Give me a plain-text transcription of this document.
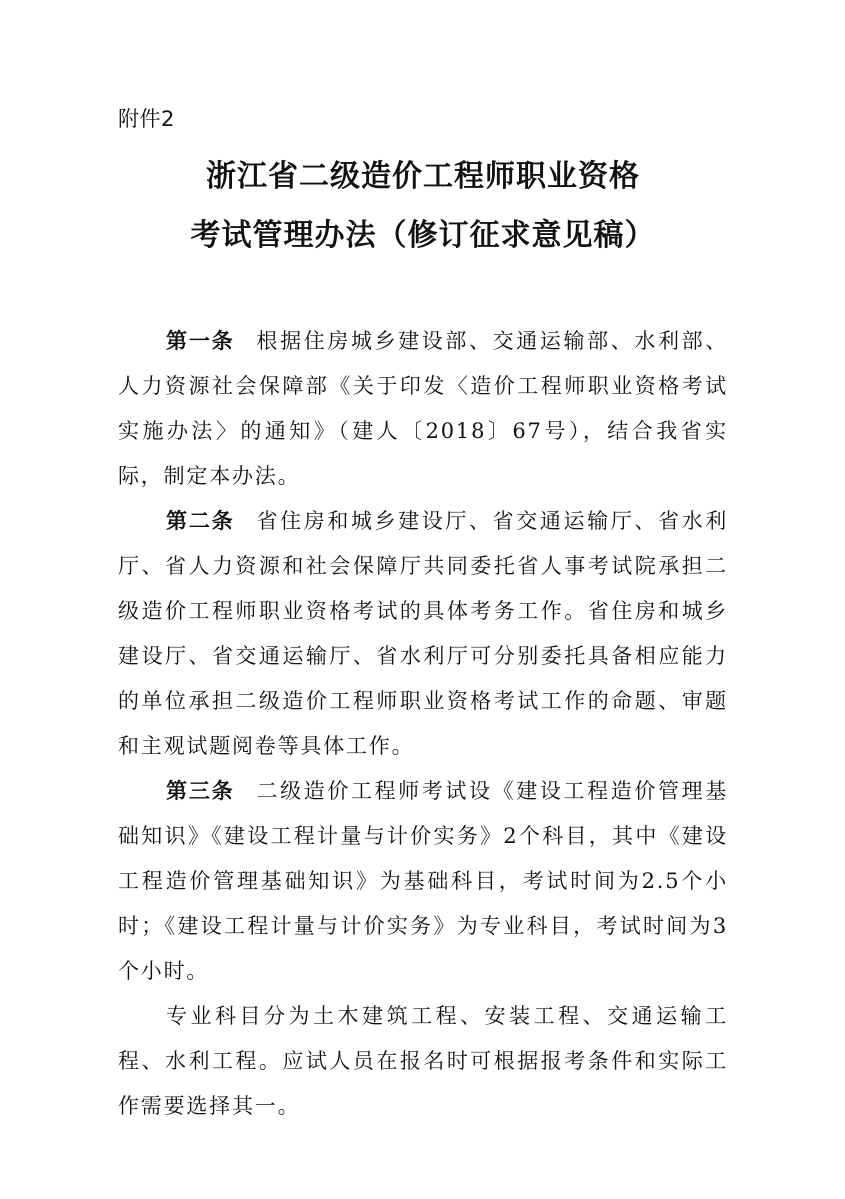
附件2
浙江省二级造价工程师职业资格
考试管理办法（修订征求意见稿）

第一条 根据住房城乡建设部、交通运输部、水利部、人力资源社会保障部《关于印发〈造价工程师职业资格考试实施办法〉的通知》（建人〔2018〕67号），结合我省实际，制定本办法。

第二条 省住房和城乡建设厅、省交通运输厅、省水利厅、省人力资源和社会保障厅共同委托省人事考试院承担二级造价工程师职业资格考试的具体考务工作。省住房和城乡建设厅、省交通运输厅、省水利厅可分别委托具备相应能力的单位承担二级造价工程师职业资格考试工作的命题、审题和主观试题阅卷等具体工作。

第三条 二级造价工程师考试设《建设工程造价管理基础知识》《建设工程计量与计价实务》2个科目，其中《建设工程造价管理基础知识》为基础科目，考试时间为2.5个小时；《建设工程计量与计价实务》为专业科目，考试时间为3个小时。

专业科目分为土木建筑工程、安装工程、交通运输工程、水利工程。应试人员在报名时可根据报考条件和实际工作需要选择其一。
